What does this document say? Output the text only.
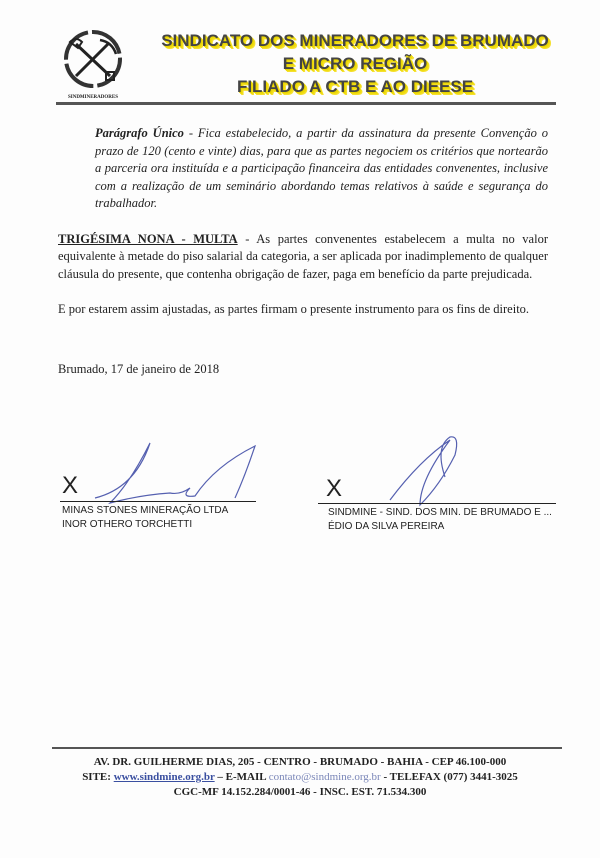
SINDMINERADORES
SINDICATO DOS MINERADORES DE BRUMADO
E MICRO REGIÃO
FILIADO A CTB E AO DIEESE

Parágrafo Único - Fica estabelecido, a partir da assinatura da presente Convenção o prazo de 120 (cento e vinte) dias, para que as partes negociem os critérios que nortearão a parceria ora instituída e a participação financeira das entidades convenentes, inclusive com a realização de um seminário abordando temas relativos à saúde e segurança do trabalhador.

TRIGÉSIMA NONA - MULTA - As partes convenentes estabelecem a multa no valor equivalente à metade do piso salarial da categoria, a ser aplicada por inadimplemento de qualquer cláusula do presente, que contenha obrigação de fazer, paga em benefício da parte prejudicada.

E por estarem assim ajustadas, as partes firmam o presente instrumento para os fins de direito.

Brumado, 17 de janeiro de 2018

X
MINAS STONES MINERAÇÃO LTDA
INOR OTHERO TORCHETTI
X
SINDMINE - SIND. DOS MIN. DE BRUMADO E ...
ÉDIO DA SILVA PEREIRA
AV. DR. GUILHERME DIAS, 205 - CENTRO - BRUMADO - BAHIA - CEP 46.100-000
SITE: www.sindmine.org.br – E-MAIL contato@sindmine.org.br - TELEFAX (077) 3441-3025
CGC-MF 14.152.284/0001-46 - INSC. EST. 71.534.300
